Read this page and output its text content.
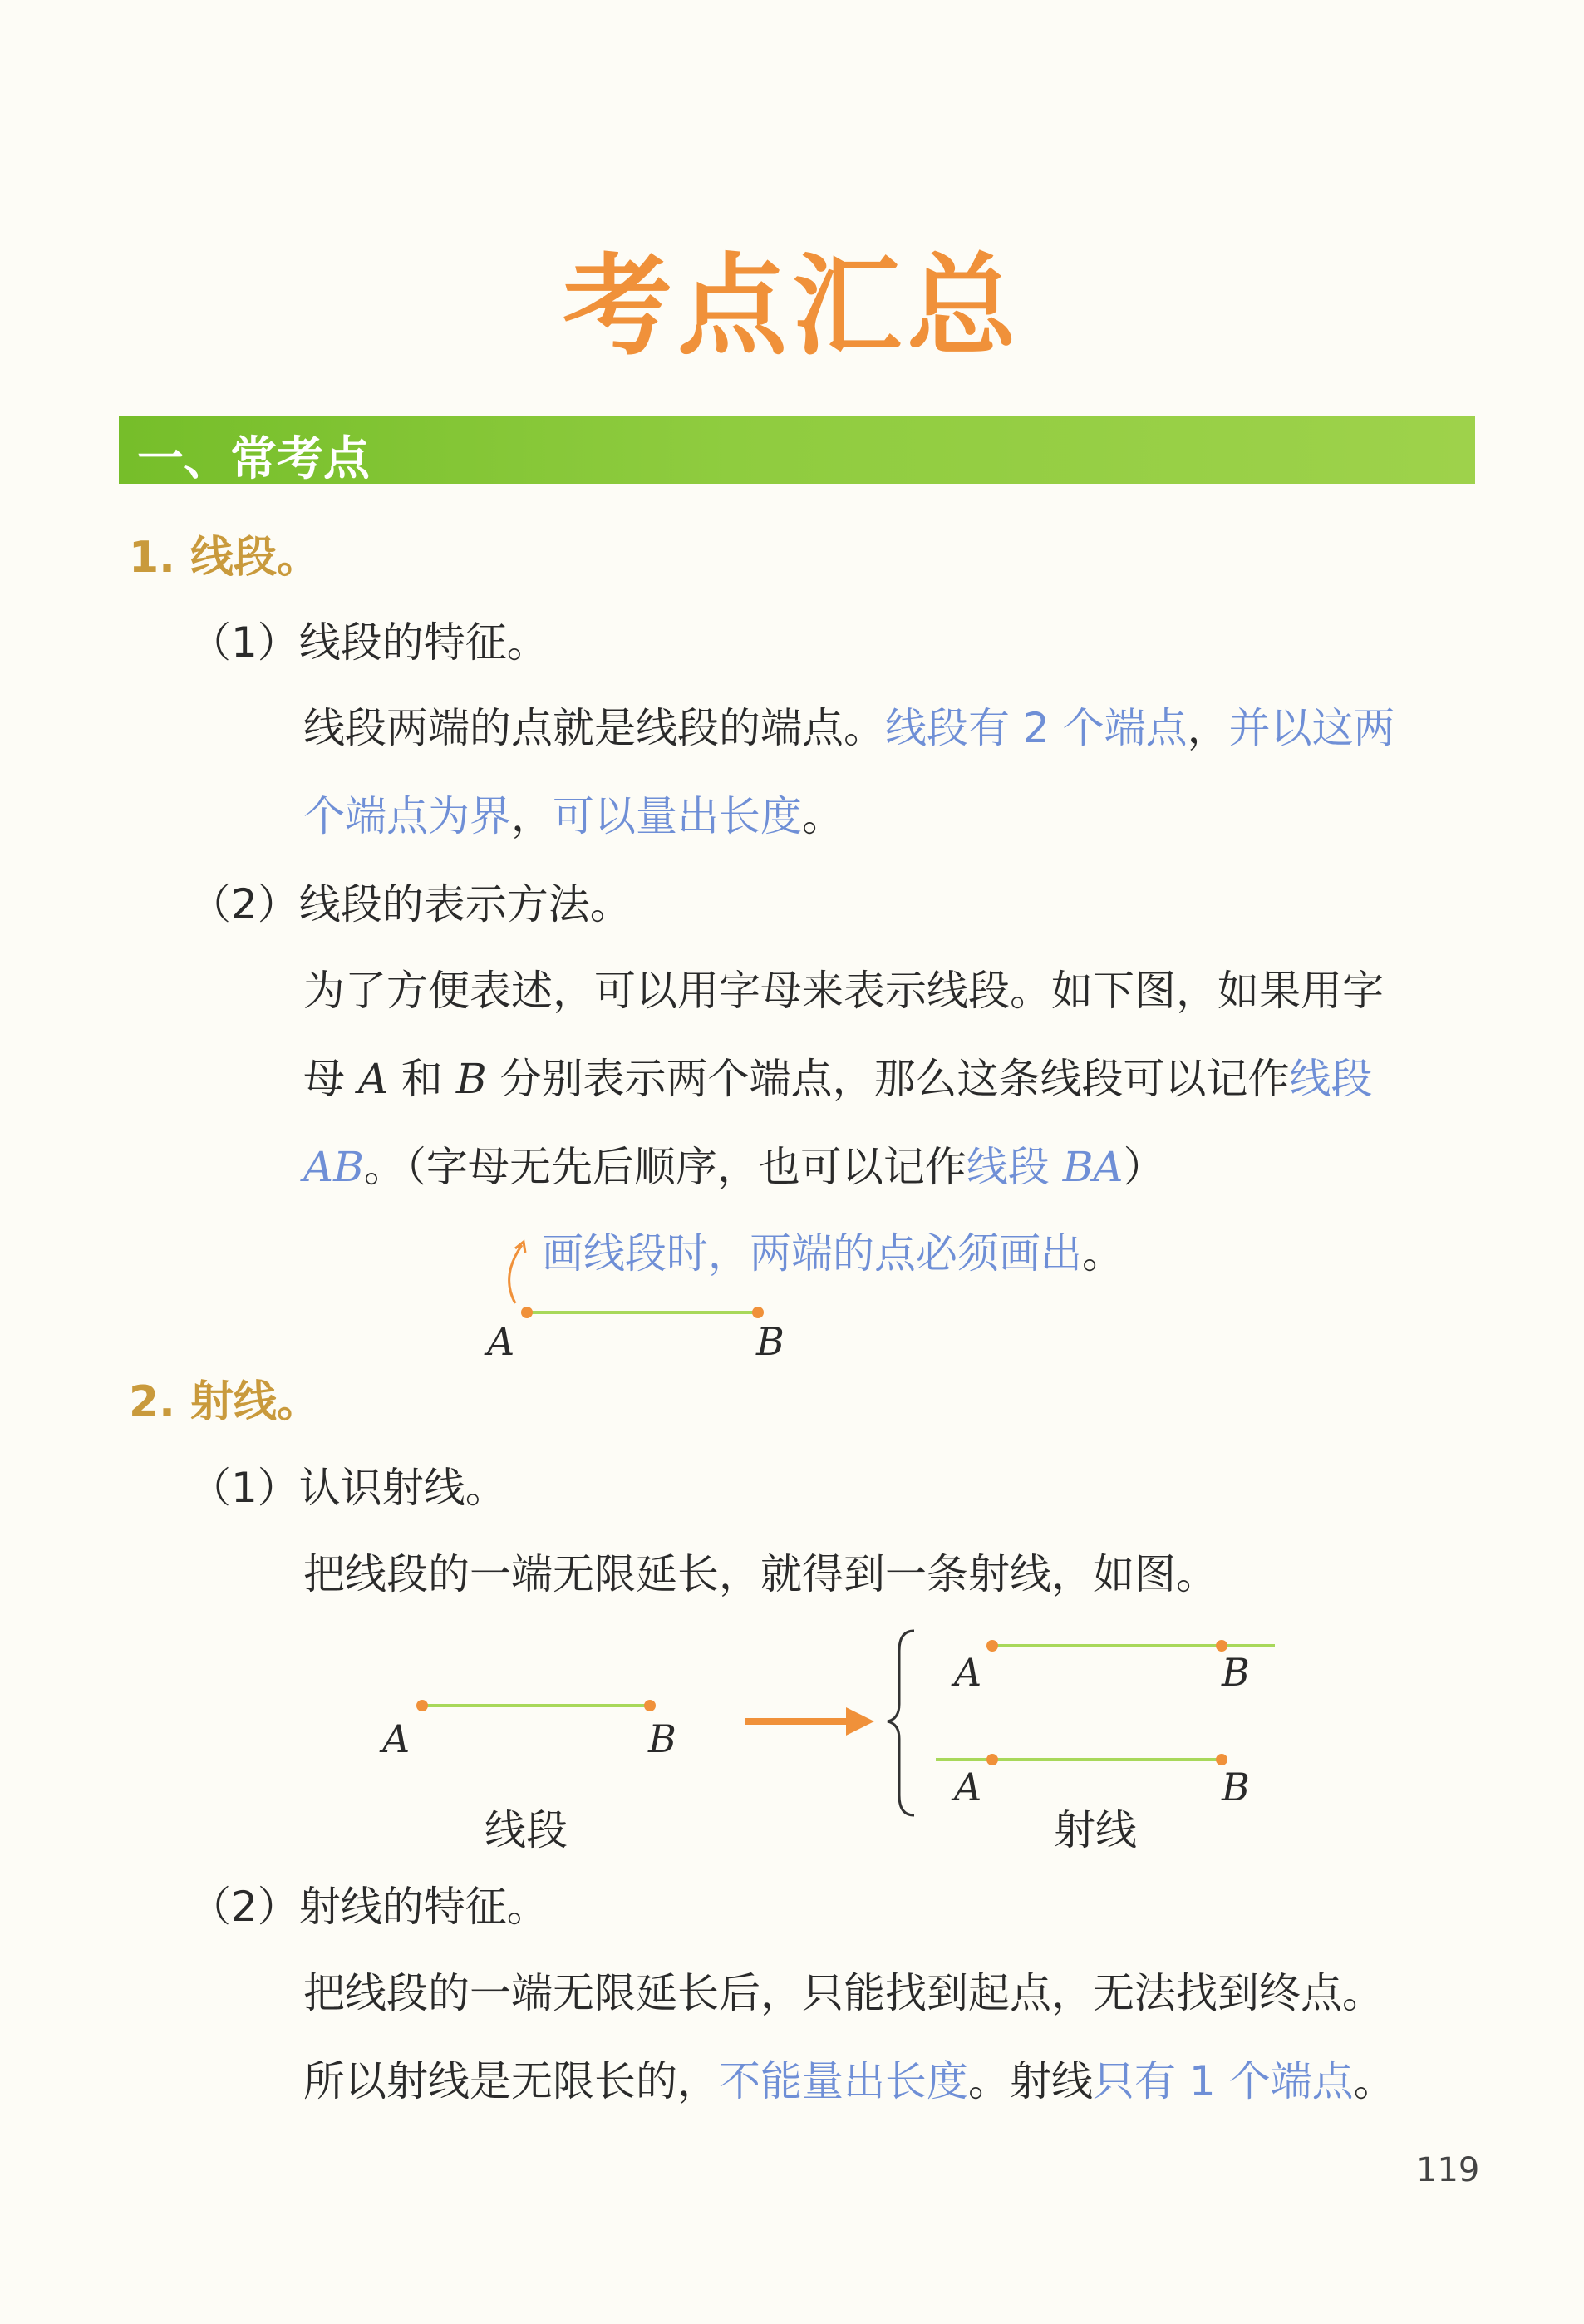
考点汇总
一、常考点
1. 线段。
（1）线段的特征。
线段两端的点就是线段的端点。线段有 2 个端点，并以这两
个端点为界，可以量出长度。
（2）线段的表示方法。
为了方便表述，可以用字母来表示线段。如下图，如果用字
母 A 和 B 分别表示两个端点，那么这条线段可以记作线段
AB。（字母无先后顺序，也可以记作线段 BA）
画线段时，两端的点必须画出。
A	B
2. 射线。
（1）认识射线。
把线段的一端无限延长，就得到一条射线，如图。
A	B
A	B
A	B
线段	射线
（2）射线的特征。
把线段的一端无限延长后，只能找到起点，无法找到终点。
所以射线是无限长的，不能量出长度。射线只有 1 个端点。
119
